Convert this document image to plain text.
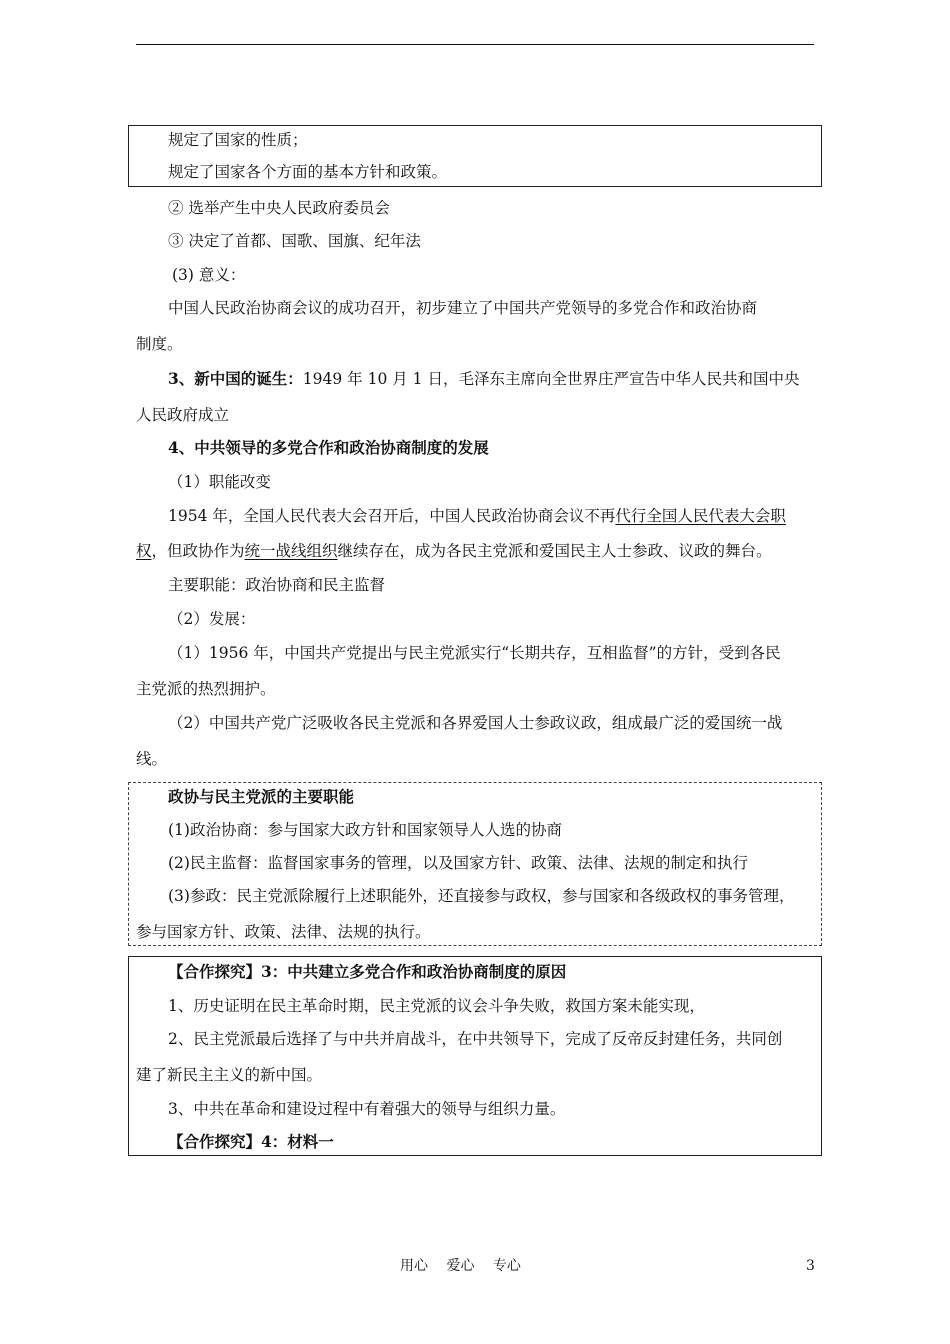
规定了国家的性质；
规定了国家各个方面的基本方针和政策。
② 选举产生中央人民政府委员会
③ 决定了首都、国歌、国旗、纪年法
(3) 意义：
中国人民政治协商会议的成功召开，初步建立了中国共产党领导的多党合作和政治协商
制度。
3、新中国的诞生：1949 年 10 月 1 日，毛泽东主席向全世界庄严宣告中华人民共和国中央
人民政府成立
4、中共领导的多党合作和政治协商制度的发展
（1）职能改变
1954 年，全国人民代表大会召开后，中国人民政治协商会议不再代行全国人民代表大会职
权，但政协作为统一战线组织继续存在，成为各民主党派和爱国民主人士参政、议政的舞台。
主要职能：政治协商和民主监督
（2）发展：
（1）1956 年，中国共产党提出与民主党派实行“长期共存，互相监督”的方针，受到各民
主党派的热烈拥护。
（2）中国共产党广泛吸收各民主党派和各界爱国人士参政议政，组成最广泛的爱国统一战
线。
政协与民主党派的主要职能
(1)政治协商：参与国家大政方针和国家领导人人选的协商
(2)民主监督：监督国家事务的管理，以及国家方针、政策、法律、法规的制定和执行
(3)参政：民主党派除履行上述职能外，还直接参与政权，参与国家和各级政权的事务管理，
参与国家方针、政策、法律、法规的执行。
【合作探究】3：中共建立多党合作和政治协商制度的原因
1、历史证明在民主革命时期，民主党派的议会斗争失败，救国方案未能实现，
2、民主党派最后选择了与中共并肩战斗，在中共领导下，完成了反帝反封建任务，共同创
建了新民主主义的新中国。
3、中共在革命和建设过程中有着强大的领导与组织力量。
【合作探究】4：材料一
用心　 爱心　 专心	3
